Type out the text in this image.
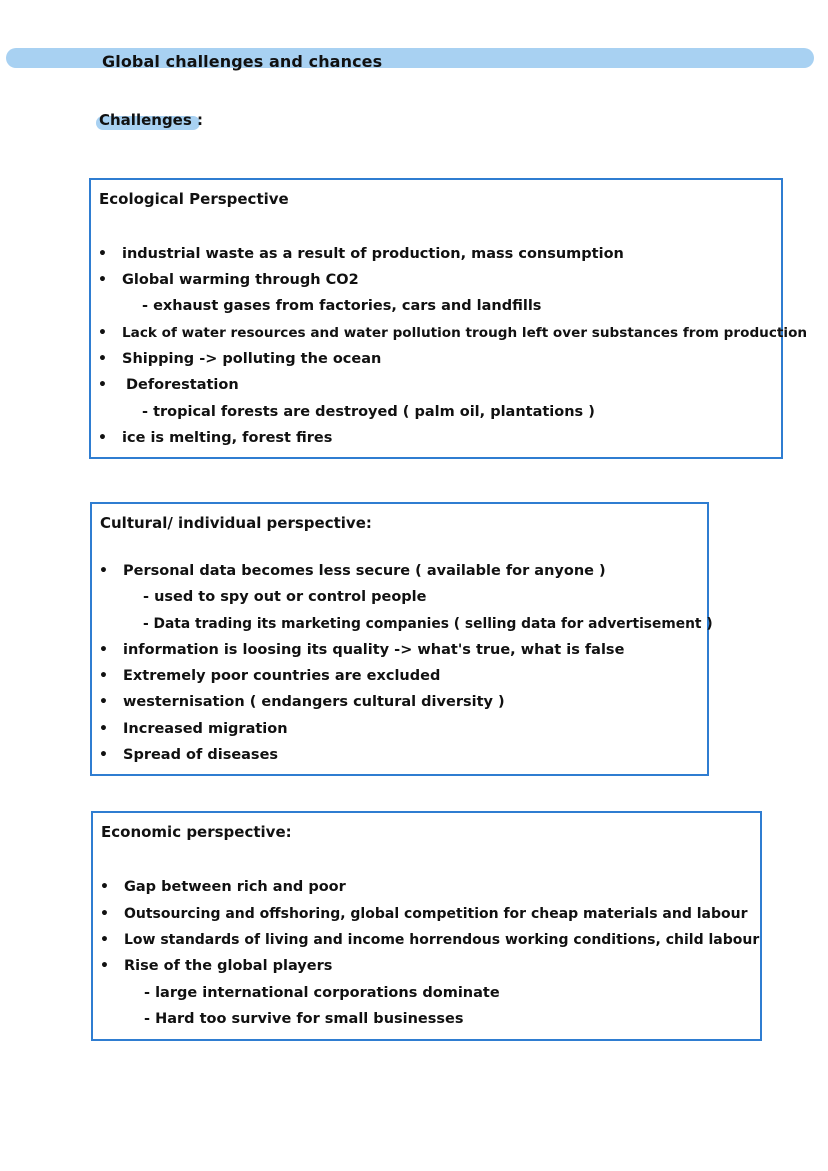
Global challenges and chances
Challenges :
Ecological Perspective
• industrial waste as a result of production, mass consumption
• Global warming through CO2
- exhaust gases from factories, cars and landfills
• Lack of water resources and water pollution trough left over substances from production
• Shipping -> polluting the ocean
• Deforestation
- tropical forests are destroyed ( palm oil, plantations )
• ice is melting, forest fires
Cultural/ individual perspective:
• Personal data becomes less secure ( available for anyone )
- used to spy out or control people
- Data trading its marketing companies ( selling data for advertisement )
• information is loosing its quality -> what's true, what is false
• Extremely poor countries are excluded
• westernisation ( endangers cultural diversity )
• Increased migration
• Spread of diseases
Economic perspective:
• Gap between rich and poor
• Outsourcing and offshoring, global competition for cheap materials and labour
• Low standards of living and income horrendous working conditions, child labour
• Rise of the global players
- large international corporations dominate
- Hard too survive for small businesses
